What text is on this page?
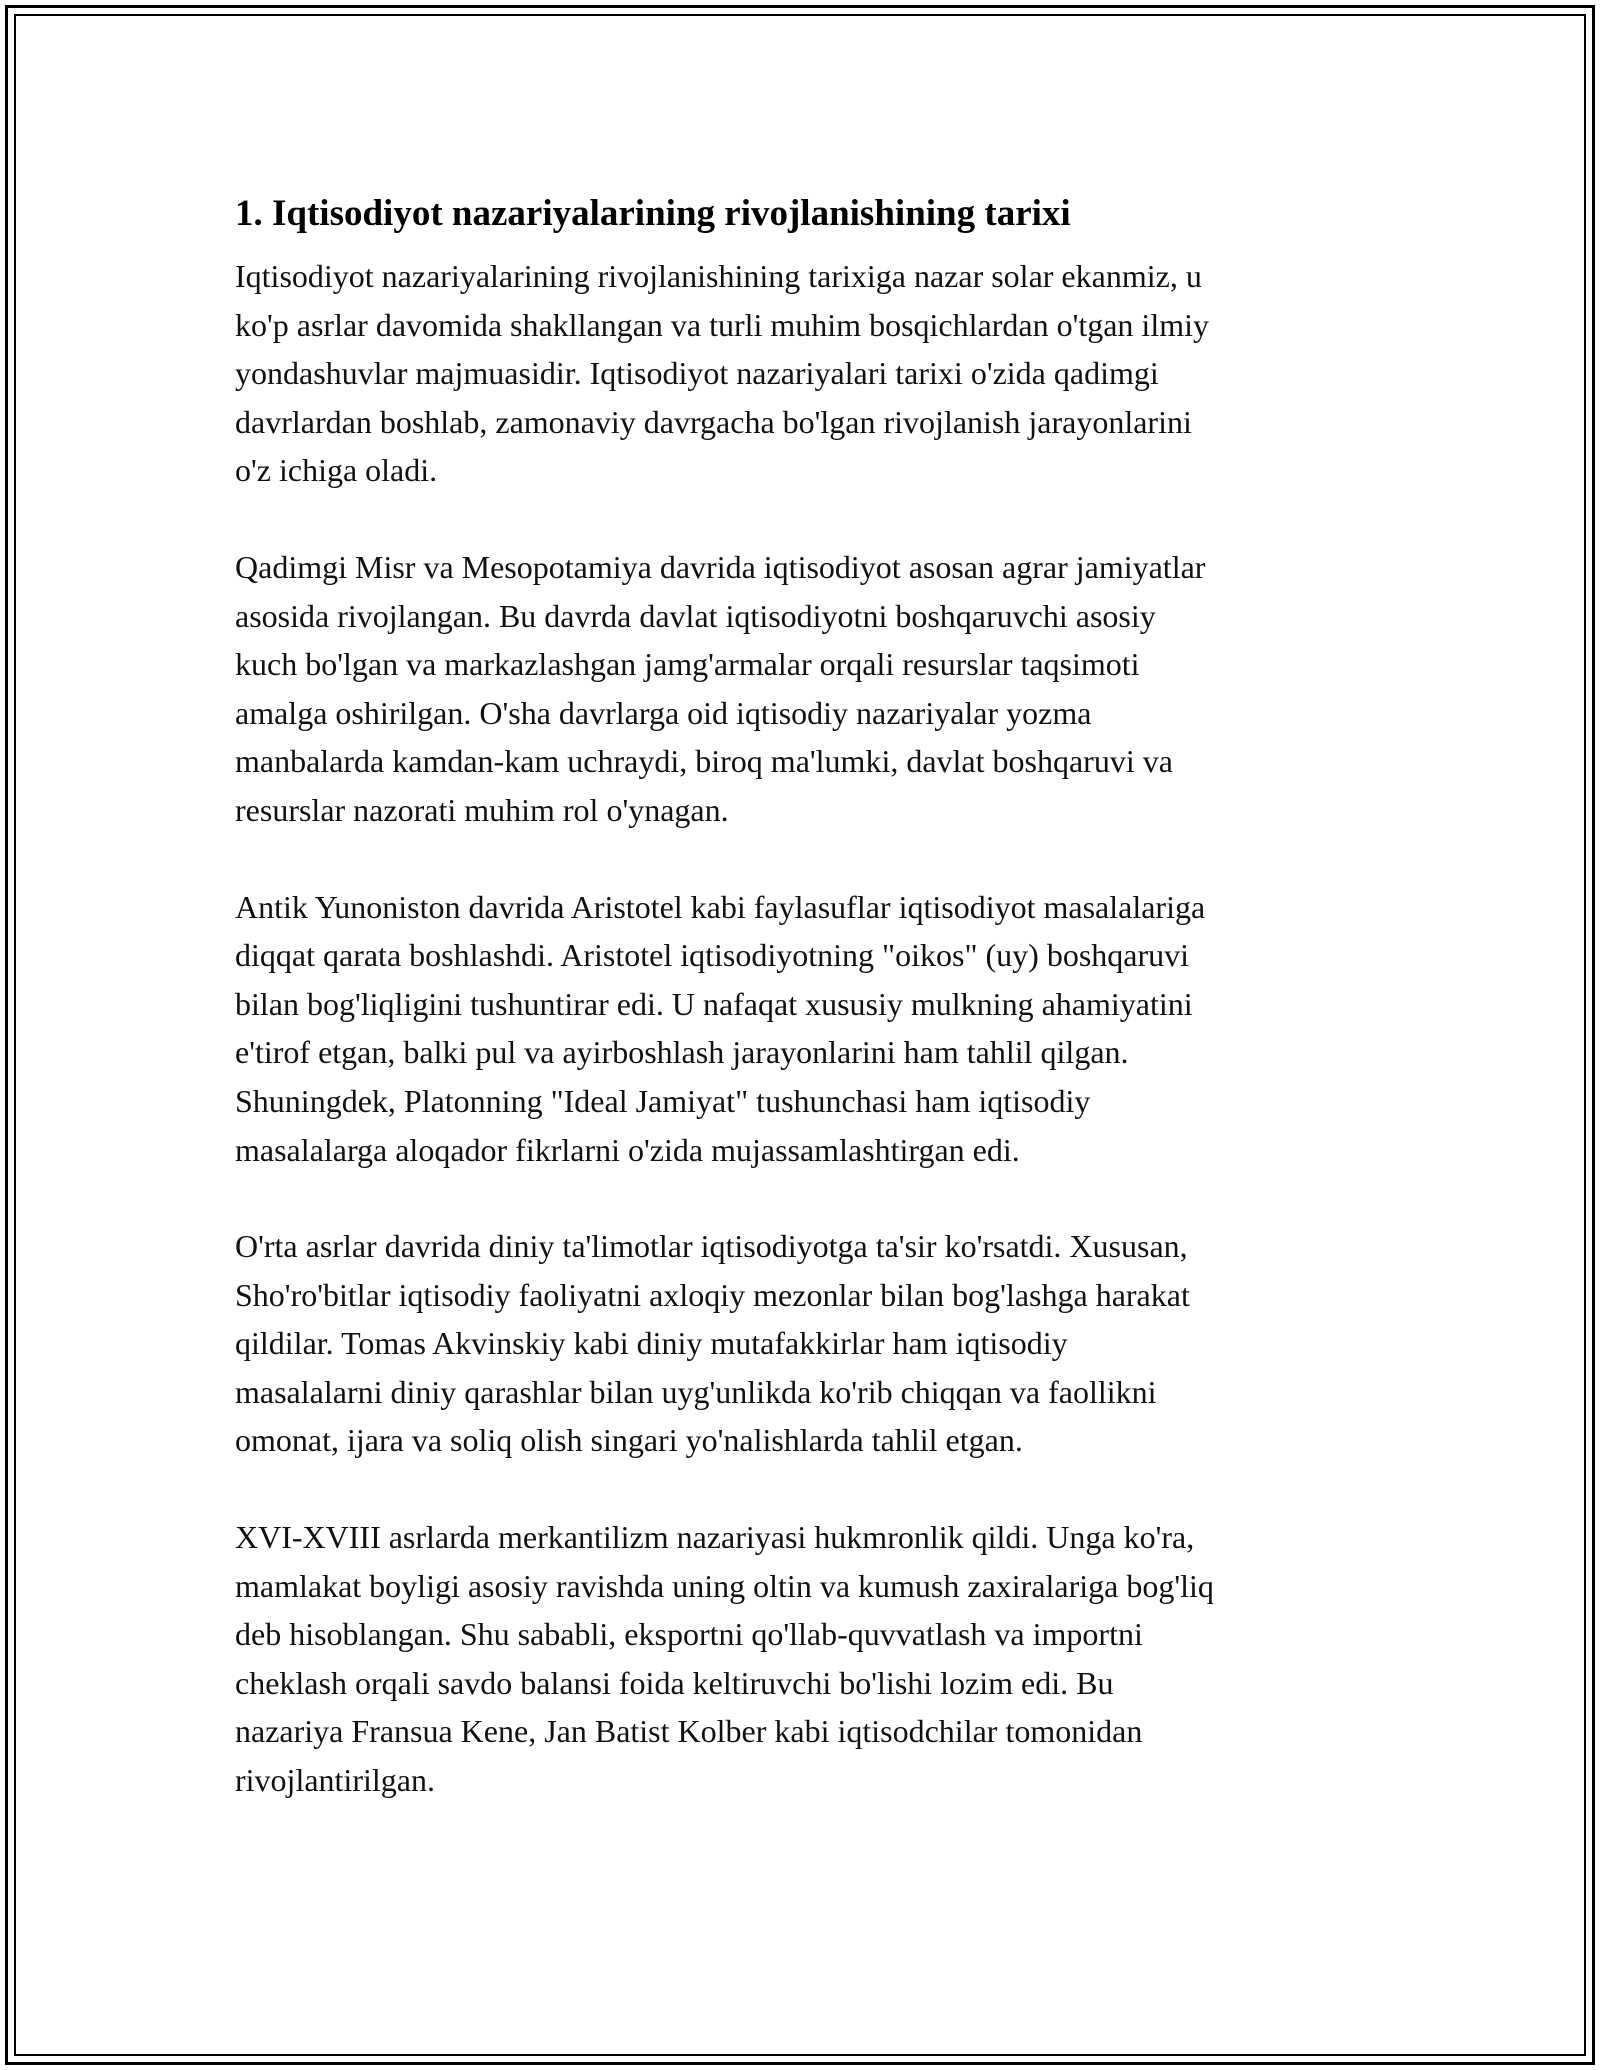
1. Iqtisodiyot nazariyalarining rivojlanishining tarixi

Iqtisodiyot nazariyalarining rivojlanishining tarixiga nazar solar ekanmiz, u
ko'p asrlar davomida shakllangan va turli muhim bosqichlardan o'tgan ilmiy
yondashuvlar majmuasidir. Iqtisodiyot nazariyalari tarixi o'zida qadimgi
davrlardan boshlab, zamonaviy davrgacha bo'lgan rivojlanish jarayonlarini
o'z ichiga oladi.

Qadimgi Misr va Mesopotamiya davrida iqtisodiyot asosan agrar jamiyatlar
asosida rivojlangan. Bu davrda davlat iqtisodiyotni boshqaruvchi asosiy
kuch bo'lgan va markazlashgan jamg'armalar orqali resurslar taqsimoti
amalga oshirilgan. O'sha davrlarga oid iqtisodiy nazariyalar yozma
manbalarda kamdan-kam uchraydi, biroq ma'lumki, davlat boshqaruvi va
resurslar nazorati muhim rol o'ynagan.

Antik Yunoniston davrida Aristotel kabi faylasuflar iqtisodiyot masalalariga
diqqat qarata boshlashdi. Aristotel iqtisodiyotning "oikos" (uy) boshqaruvi
bilan bog'liqligini tushuntirar edi. U nafaqat xususiy mulkning ahamiyatini
e'tirof etgan, balki pul va ayirboshlash jarayonlarini ham tahlil qilgan.
Shuningdek, Platonning "Ideal Jamiyat" tushunchasi ham iqtisodiy
masalalarga aloqador fikrlarni o'zida mujassamlashtirgan edi.

O'rta asrlar davrida diniy ta'limotlar iqtisodiyotga ta'sir ko'rsatdi. Xususan,
Sho'ro'bitlar iqtisodiy faoliyatni axloqiy mezonlar bilan bog'lashga harakat
qildilar. Tomas Akvinskiy kabi diniy mutafakkirlar ham iqtisodiy
masalalarni diniy qarashlar bilan uyg'unlikda ko'rib chiqqan va faollikni
omonat, ijara va soliq olish singari yo'nalishlarda tahlil etgan.

XVI-XVIII asrlarda merkantilizm nazariyasi hukmronlik qildi. Unga ko'ra,
mamlakat boyligi asosiy ravishda uning oltin va kumush zaxiralariga bog'liq
deb hisoblangan. Shu sababli, eksportni qo'llab-quvvatlash va importni
cheklash orqali savdo balansi foida keltiruvchi bo'lishi lozim edi. Bu
nazariya Fransua Kene, Jan Batist Kolber kabi iqtisodchilar tomonidan
rivojlantirilgan.
